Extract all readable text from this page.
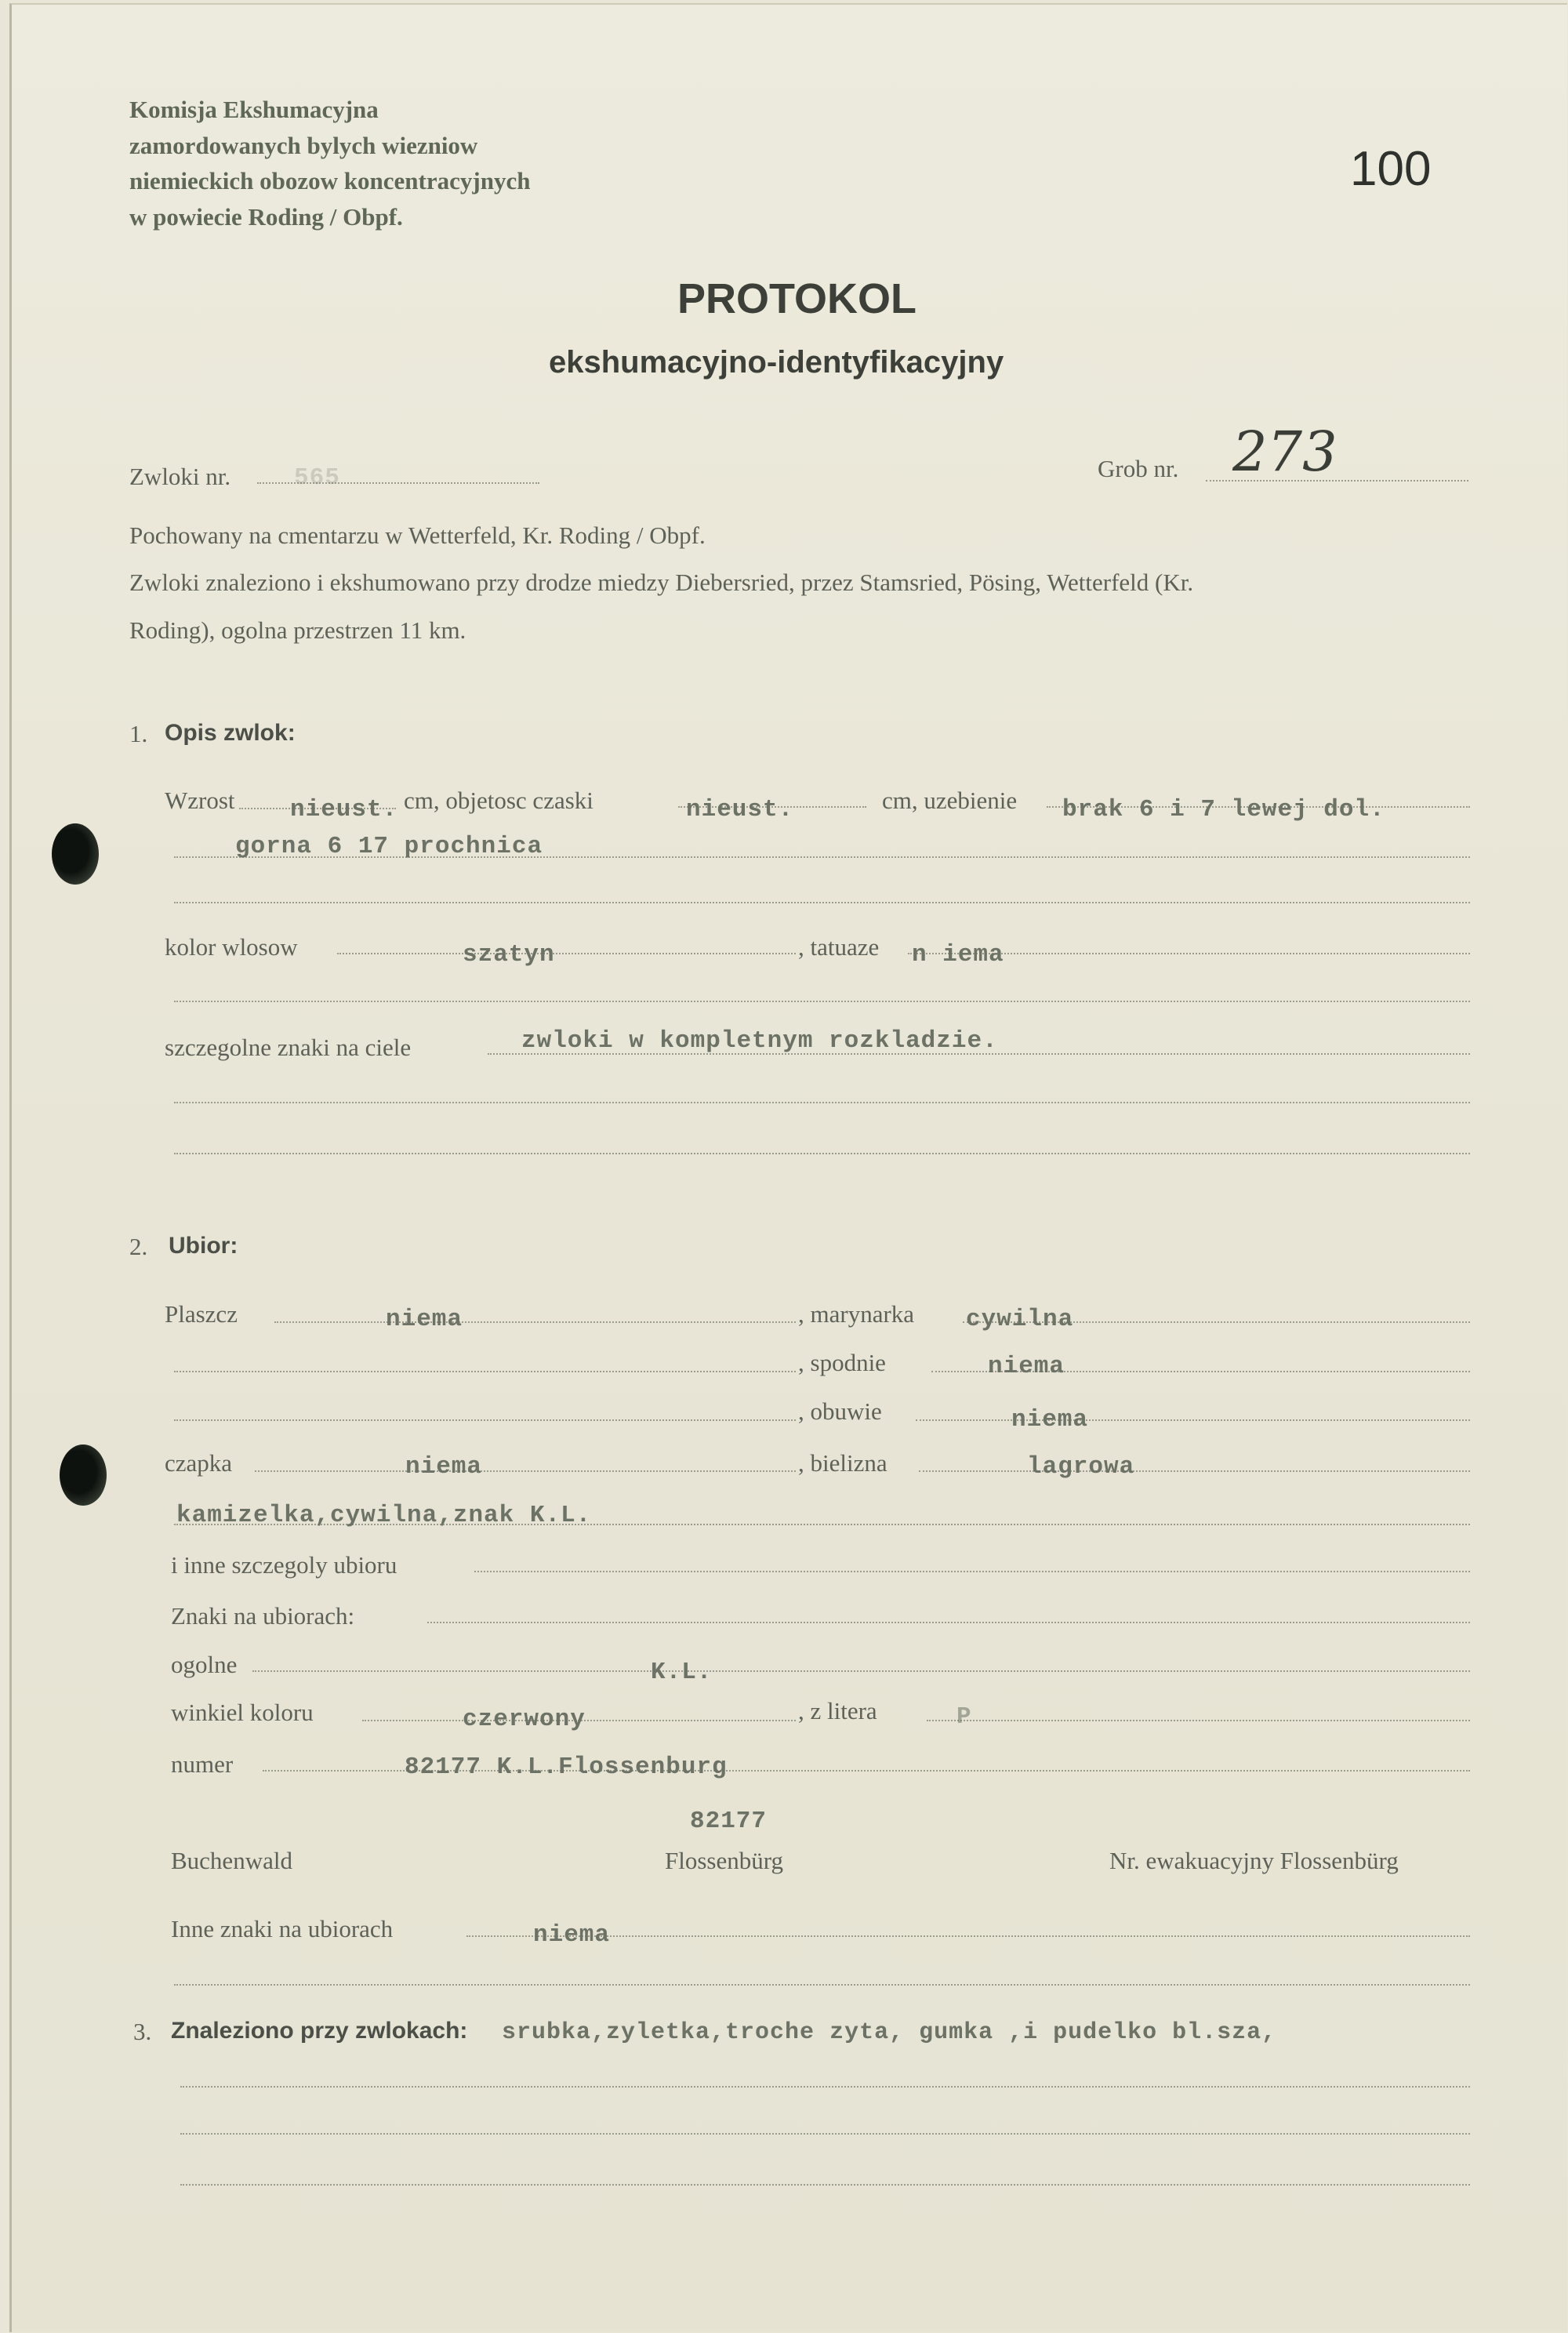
Komisja Ekshumacyjna
zamordowanych bylych wiezniow
niemieckich obozow koncentracyjnych
w powiecie Roding / Obpf.
100
PROTOKOL
ekshumacyjno-identyfikacyjny
Zwloki nr.	565	Grob nr. 273
Pochowany na cmentarzu w Wetterfeld, Kr. Roding / Obpf.
Zwloki znaleziono i ekshumowano przy drodze miedzy Diebersried, przez Stamsried, Pösing, Wetterfeld (Kr.
Roding), ogolna przestrzen 11 km.
1. Opis zwlok:
Wzrost nieust. cm, objetosc czaski	nieust.	cm, uzebienie brak 6 i 7 lewej dol.
gorna 6 17 prochnica
kolor wlosow	szatyn	, tatuaze n iema
szczegolne znaki na ciele	zwloki w kompletnym rozkladzie.
2. Ubior:
Plaszcz	niema	, marynarka cywilna
, spodnie	niema
, obuwie	niema
czapka	niema	, bielizna	lagrowa
kamizelka,cywilna,znak K.L.
i inne szczegoly ubioru
Znaki na ubiorach:
ogolne	K.L.
winkiel koloru	czerwony	, z litera	P
numer	82177 K.L.Flossenburg
82177
Buchenwald	Flossenbürg	Nr. ewakuacyjny Flossenbürg
Inne znaki na ubiorach	niema
3. Znaleziono przy zwlokach: srubka,zyletka,troche zyta, gumka ,i pudelko bl.sza,
